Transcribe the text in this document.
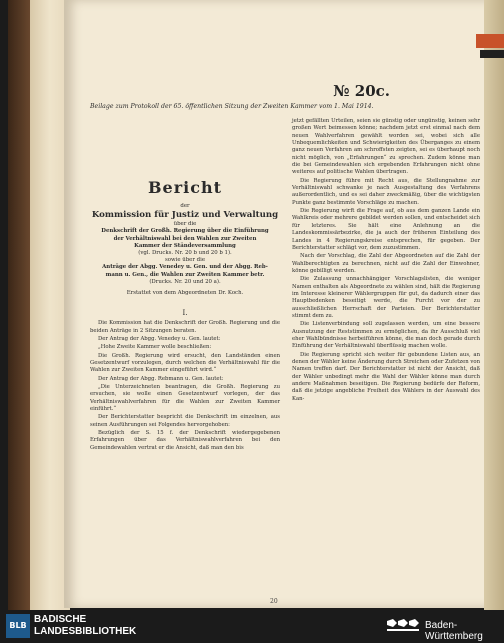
№ 20c.
Beilage zum Protokoll der 65. öffentlichen Sitzung der Zweiten Kammer vom 1. Mai 1914.
Bericht
der
Kommission für Justiz und Verwaltung
über die
Denkschrift der Großh. Regierung über die Einführung
der Verhältniswahl bei den Wahlen zur Zweiten
Kammer der Ständeversammlung
(vgl. Drucks. Nr. 20 b und 20 b 1).
sowie über die
Anträge der Abgg. Venedey u. Gen. und der Abgg. Reb-
mann u. Gen., die Wahlen zur Zweiten Kammer betr.
(Drucks. Nr. 20 und 20 a).
Erstattet von dem Abgeordneten Dr. Koch.
I.

Die Kommission hat die Denkschrift der Großh. Regierung und die beiden Anträge in 2 Sitzungen beraten.

Der Antrag der Abgg. Venedey u. Gen. lautet:

„Hohe Zweite Kammer wolle beschließen:

Die Großh. Regierung wird ersucht, den Landständen einen Gesetzentwurf vorzulegen, durch welchen die Verhältniswahl für die Wahlen zur Zweiten Kammer eingeführt wird.“

Der Antrag der Abgg. Rebmann u. Gen. lautet:

„Die Unterzeichneten beantragen, die Großh. Regierung zu ersuchen, sie wolle einen Gesetzentwurf vorlegen, der das Verhältniswahlverfahren für die Wahlen zur Zweiten Kammer einführt.“

Der Berichterstatter bespricht die Denkschrift im einzelnen, aus seinen Ausführungen sei Folgendes hervorgehoben:

Bezüglich der S. 15 f. der Denkschrift wiedergegebenen Erfahrungen über das Verhältniswahlverfahren bei den Gemeindewahlen vertrat er die Ansicht, daß man den bis

jetzt gefällten Urteilen, seien sie günstig oder ungünstig, keinen sehr großen Wert beimessen könne; nachdem jetzt erst einmal nach dem neuen Wahlverfahren gewählt worden sei, wobei sich alle Unbequemlichkeiten und Schwierigkeiten des Überganges zu einem ganz neuen Verfahren am schroffsten zeigten, sei es überhaupt noch nicht möglich, von „Erfahrungen“ zu sprechen. Zudem könne man die bei Gemeindewahlen sich ergebenden Erfahrungen nicht ohne weiteres auf politische Wahlen übertragen.

Die Regierung führe mit Recht aus, die Stellungnahme zur Verhältniswahl schwanke je nach Ausgestaltung des Verfahrens außerordentlich, und es sei daher zweckmäßig, über die wichtigsten Punkte ganz bestimmte Vorschläge zu machen.

Die Regierung wirft die Frage auf, ob aus dem ganzen Lande ein Wahlkreis oder mehrere gebildet werden sollen, und entscheidet sich für letzteres. Sie hält eine Anlehnung an die Landeskommissärbezirke, die ja auch der früheren Einteilung des Landes in 4 Regierungskreise entsprechen, für gegeben. Der Berichterstatter schlägt vor, dem zuzustimmen.

Nach der Vorschlag, die Zahl der Abgeordneten auf die Zahl der Wahlberechtigten zu berechnen, nicht auf die Zahl der Einwohner, könne gebilligt werden.

Die Zulassung unnachhängiger Vorschlagslisten, die weniger Namen enthalten als Abgeordnete zu wählen sind, hält die Regierung im Interesse kleinerer Wählergruppen für gut, da dadurch einer das Hauptbedenken beseitigt werde, die Furcht vor der zu ausschließlichen Herrschaft der Parteien. Der Berichterstatter stimmt dem zu.

Die Listenverbindung soll zugelassen werden, um eine bessere Ausnutzung der Reststimmen zu ermöglichen, da ihr Ausschluß viel eher Wahlbündnisse herbeiführen könne, die man doch gerade durch Einführung der Verhältniswahl überflüssig machen wolle.

Die Regierung spricht sich weiter für gebundene Listen aus, an denen der Wähler keine Änderung durch Streichen oder Zufetzen von Namen treffen darf. Der Berichterstatter ist nicht der Ansicht, daß der Wähler unbedingt mehr die Wahl der Wähler könne man durch andere Maßnahmen beseitigen. Die Regierung bedürfe der Reform, daß die jetzige angebliche Freiheit des Wählers in der Auswahl des Kan-

20
BLB
BADISCHE
LANDESBIBLIOTHEK
Baden-Württemberg
